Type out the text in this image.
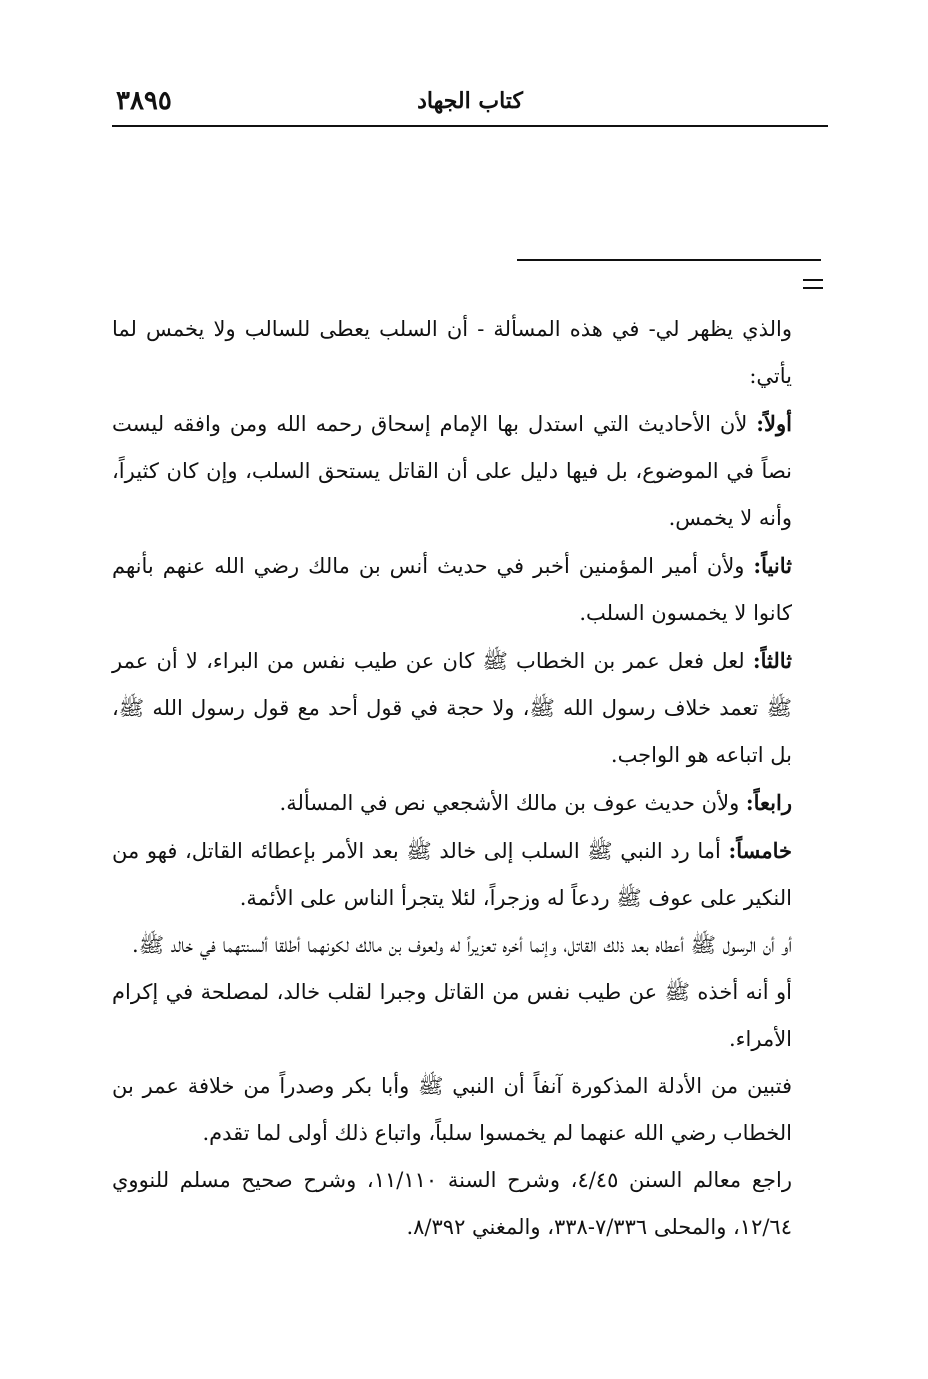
كتاب الجهاد
٣٨٩٥

والذي يظهر لي- في هذه المسألة - أن السلب يعطى للسالب ولا يخمس لما يأتي:

أولاً: لأن الأحاديث التي استدل بها الإمام إسحاق رحمه الله ومن وافقه ليست نصاً في الموضوع، بل فيها دليل على أن القاتل يستحق السلب، وإن كان كثيراً، وأنه لا يخمس.

ثانياً: ولأن أمير المؤمنين أخبر في حديث أنس بن مالك رضي الله عنهم بأنهم كانوا لا يخمسون السلب.

ثالثاً: لعل فعل عمر بن الخطاب ﷺ كان عن طيب نفس من البراء، لا أن عمر ﷺ تعمد خلاف رسول الله ﷺ، ولا حجة في قول أحد مع قول رسول الله ﷺ، بل اتباعه هو الواجب.

رابعاً: ولأن حديث عوف بن مالك الأشجعي نص في المسألة.

خامساً: أما رد النبي ﷺ السلب إلى خالد ﷺ بعد الأمر بإعطائه القاتل، فهو من النكير على عوف ﷺ ردعاً له وزجراً، لئلا يتجرأ الناس على الأئمة.

أو أن الرسول ﷺ أعطاه بعد ذلك القاتل، وإنما أخره تعزيراً له ولعوف بن مالك لكونهما أطلقا ألسنتهما في خالد ﷺ.

أو أنه أخذه ﷺ عن طيب نفس من القاتل وجبرا لقلب خالد، لمصلحة في إكرام الأمراء.

فتبين من الأدلة المذكورة آنفاً أن النبي ﷺ وأبا بكر وصدراً من خلافة عمر بن الخطاب رضي الله عنهما لم يخمسوا سلباً، واتباع ذلك أولى لما تقدم.

راجع معالم السنن ٤/٤٥، وشرح السنة ١١/١١٠، وشرح صحيح مسلم للنووي ١٢/٦٤، والمحلى ٧/٣٣٦-٣٣٨، والمغني ٨/٣٩٢.
